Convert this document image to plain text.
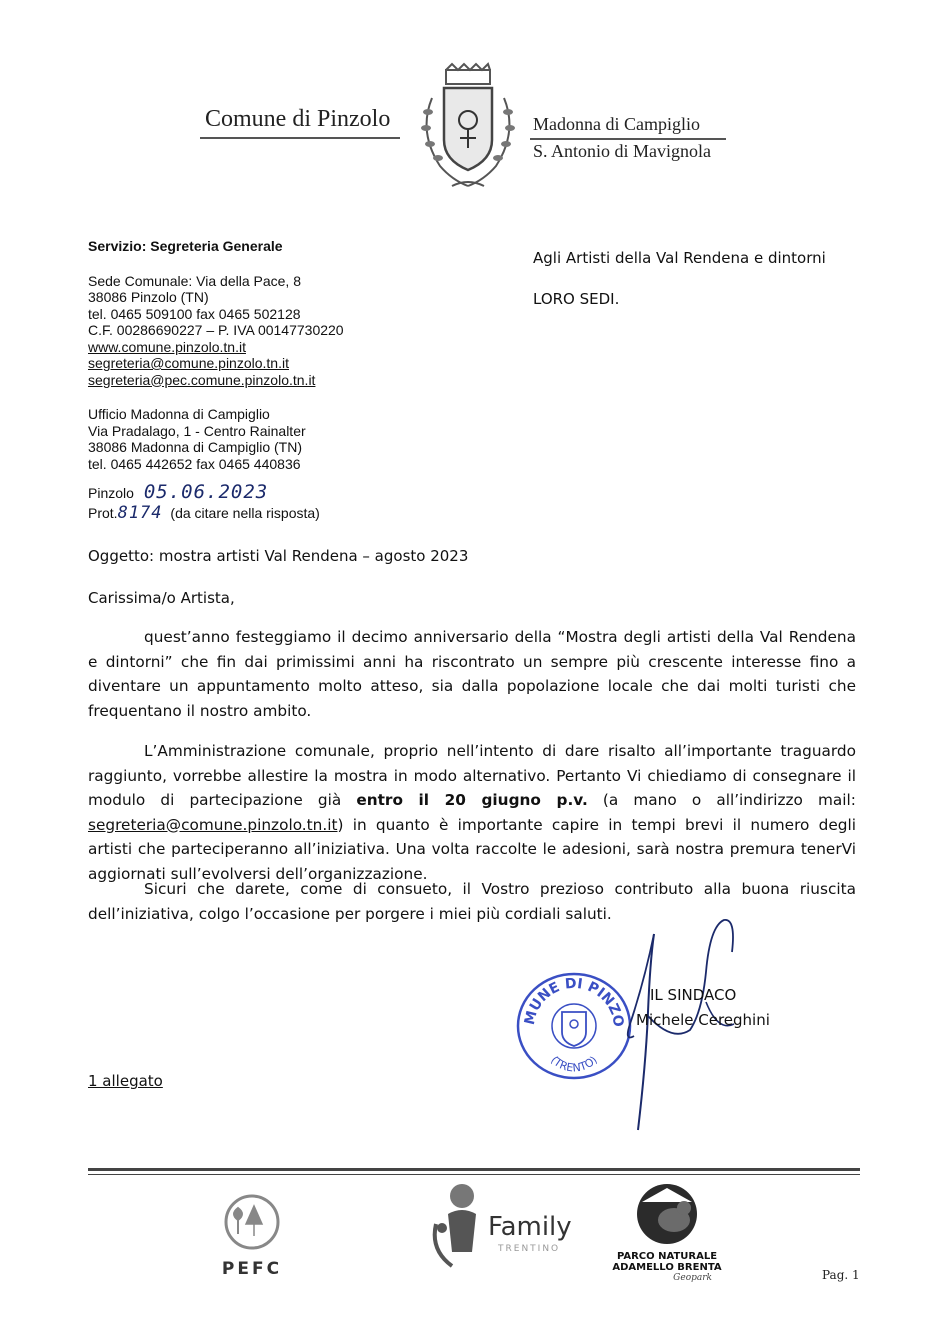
Comune di Pinzolo	Madonna di Campiglio
S. Antonio di Mavignola
Servizio: Segreteria Generale
Sede Comunale: Via della Pace, 8
38086 Pinzolo (TN)
tel. 0465 509100 fax 0465 502128
C.F. 00286690227 – P. IVA 00147730220
www.comune.pinzolo.tn.it
segreteria@comune.pinzolo.tn.it
segreteria@pec.comune.pinzolo.tn.it
Ufficio Madonna di Campiglio
Via Pradalago, 1 - Centro Rainalter
38086 Madonna di Campiglio (TN)
tel. 0465 442652 fax 0465 440836
Pinzolo 05.06.2023
Prot.8174 (da citare nella risposta)
Agli Artisti della Val Rendena e dintorni
LORO SEDI.
Oggetto: mostra artisti Val Rendena – agosto 2023
Carissima/o Artista,
quest’anno festeggiamo il decimo anniversario della “Mostra degli artisti della Val Rendena e dintorni” che fin dai primissimi anni ha riscontrato un sempre più crescente interesse fino a diventare un appuntamento molto atteso, sia dalla popolazione locale che dai molti turisti che frequentano il nostro ambito.
L’Amministrazione comunale, proprio nell’intento di dare risalto all’importante traguardo raggiunto, vorrebbe allestire la mostra in modo alternativo. Pertanto Vi chiediamo di consegnare il modulo di partecipazione già entro il 20 giugno p.v. (a mano o all’indirizzo mail: segreteria@comune.pinzolo.tn.it) in quanto è importante capire in tempi brevi il numero degli artisti che parteciperanno all’iniziativa. Una volta raccolte le adesioni, sarà nostra premura tenerVi aggiornati sull’evolversi dell’organizzazione.
Sicuri che darete, come di consueto, il Vostro prezioso contributo alla buona riuscita dell’iniziativa, colgo l’occasione per porgere i miei più cordiali saluti.
MUNE DI PINZO
(TRENTO)
IL SINDACO
Michele Cereghini
1 allegato
PEFC
Family
TRENTINO
PARCO NATURALE
ADAMELLO BRENTA
Geopark	Pag. 1
